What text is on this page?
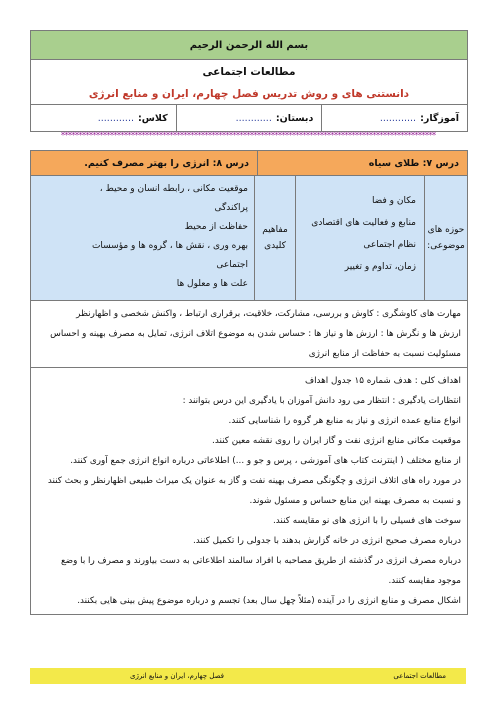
بسم الله الرحمن الرحیم
مطالعات اجتماعی
دانستنی های و روش تدریس فصل چهارم، ایران و منابع انرژی
آموزگار:
............
دبستان:
............
کلاس:
............
***********************************************************************************************************
درس ۷: طلای سیاه
درس ۸: انرژی را بهتر مصرف کنیم.
حوزه های
موضوعی:
مکان و فضا
منابع و فعالیت های اقتصادی
نظام اجتماعی
زمان، تداوم و تغییر
مفاهیم
کلیدی
موقعیت مکانی ، رابطه انسان و محیط ،
پراکندگی
حفاظت از محیط
بهره وری ، نقش ها ، گروه ها و مؤسسات
اجتماعی
علت ها و معلول ها
مهارت های کاوشگری : کاوش و بررسی، مشارکت، خلاقیت، برقراری ارتباط ، واکنش شخصی و اظهارنظر
ارزش ها و نگرش ها : ارزش ها و نیاز ها : حساس شدن به موضوع اتلاف انرژی، تمایل به مصرف بهینه و احساس
مسئولیت نسبت به حفاظت از منابع انرژی
اهداف کلی : هدف شماره ۱۵ جدول اهداف
انتظارات یادگیری : انتظار می رود دانش آموزان با یادگیری این درس بتوانند :
انواع منابع عمده انرژی و نیاز به منابع هر گروه را شناسایی کنند.
موقعیت مکانی منابع انرژی نفت و گاز ایران را روی نقشه معین کنند.
از منابع مختلف ( اینترنت کتاب های آموزشی ، پرس و جو و ...) اطلاعاتی درباره انواع انرژی جمع آوری کنند.
در مورد راه های اتلاف انرژی و چگونگی مصرف بهینه نفت و گاز به عنوان یک میراث طبیعی اظهارنظر و بحث کنند
و نسبت به مصرف بهینه این منابع حساس و مسئول شوند.
سوخت های فسیلی را با انرژی های نو مقایسه کنند.
درباره مصرف صحیح انرژی در خانه گزارش بدهند با جدولی را تکمیل کنند.
درباره مصرف انرژی در گذشته از طریق مصاحبه با افراد سالمند اطلاعاتی به دست بیاورند و مصرف را با وضع
موجود مقایسه کنند.
اشکال مصرف و منابع انرژی را در آینده (مثلاً چهل سال بعد) تجسم و درباره موضوع پیش بینی هایی بکنند.
مطالعات اجتماعی
فصل چهارم، ایران و منابع انرژی
